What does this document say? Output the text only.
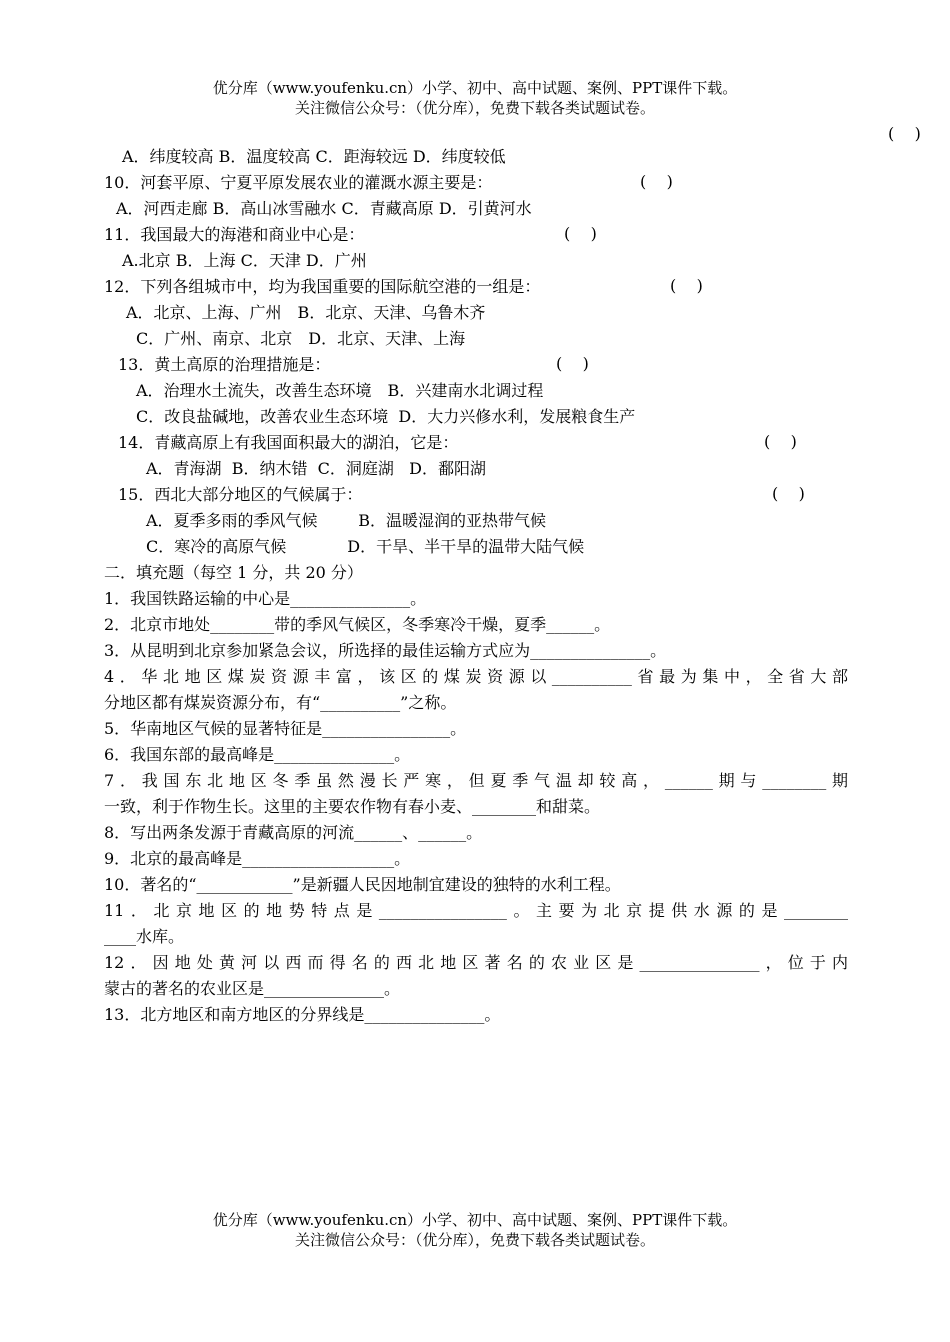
优分库（www.youfenku.cn）小学、初中、高中试题、案例、PPT课件下载。
关注微信公众号：（优分库），免费下载各类试题试卷。
(    )
A．纬度较高 B．温度较高 C．距海较远 D．纬度较低
10．河套平原、宁夏平原发展农业的灌溉水源主要是：	(    )
A．河西走廊 B．高山冰雪融水 C．青藏高原 D．引黄河水
11．我国最大的海港和商业中心是：	(    )
A.北京 B．上海 C．天津 D．广州
12．下列各组城市中，均为我国重要的国际航空港的一组是：	(    )
A．北京、上海、广州　B．北京、天津、乌鲁木齐
C．广州、南京、北京　D．北京、天津、上海
13．黄土高原的治理措施是：	(    )
A．治理水土流失，改善生态环境　B．兴建南水北调过程
C．改良盐碱地，改善农业生态环境  D．大力兴修水利，发展粮食生产
14．青藏高原上有我国面积最大的湖泊，它是：	(    )
A．青海湖  B．纳木错  C．洞庭湖   D．鄱阳湖
15．西北大部分地区的气候属于：	(    )
A．夏季多雨的季风气候        B．温暖湿润的亚热带气候
C．寒冷的高原气候            D．干旱、半干旱的温带大陆气候
二．填充题（每空 1 分，共 20 分）
1．我国铁路运输的中心是_______________。
2．北京市地处________带的季风气候区，冬季寒冷干燥，夏季______。
3．从昆明到北京参加紧急会议，所选择的最佳运输方式应为_______________。
4．华北地区煤炭资源丰富，该区的煤炭资源以__________省最为集中，全省大部
分地区都有煤炭资源分布，有“__________”之称。
5．华南地区气候的显著特征是________________。
6．我国东部的最高峰是_______________。
7．我国东北地区冬季虽然漫长严寒，但夏季气温却较高，______期与________期
一致，利于作物生长。这里的主要农作物有春小麦、________和甜菜。
8．写出两条发源于青藏高原的河流______、______。
9．北京的最高峰是___________________。
10．著名的“____________”是新疆人民因地制宜建设的独特的水利工程。
11．北京地区的地势特点是________________。主要为北京提供水源的是________
____水库。
12．因地处黄河以西而得名的西北地区著名的农业区是_______________，位于内
蒙古的著名的农业区是_______________。
13．北方地区和南方地区的分界线是_______________。
优分库（www.youfenku.cn）小学、初中、高中试题、案例、PPT课件下载。
关注微信公众号：（优分库），免费下载各类试题试卷。
